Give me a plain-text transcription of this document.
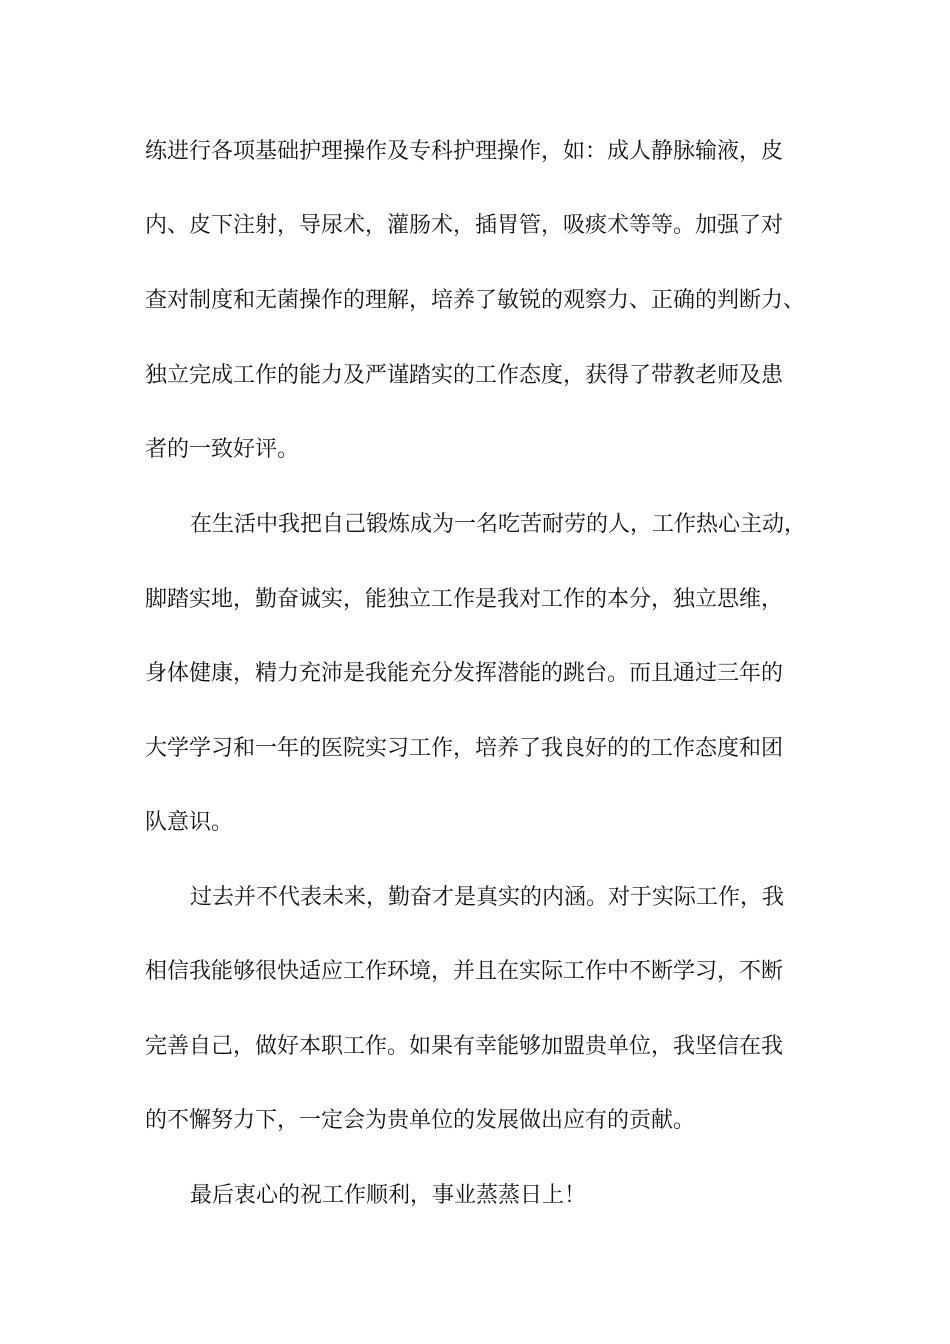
练进行各项基础护理操作及专科护理操作，如：成人静脉输液，皮
内、皮下注射，导尿术，灌肠术，插胃管，吸痰术等等。加强了对
查对制度和无菌操作的理解，培养了敏锐的观察力、正确的判断力、
独立完成工作的能力及严谨踏实的工作态度，获得了带教老师及患
者的一致好评。
在生活中我把自己锻炼成为一名吃苦耐劳的人，工作热心主动，
脚踏实地，勤奋诚实，能独立工作是我对工作的本分，独立思维，
身体健康，精力充沛是我能充分发挥潜能的跳台。而且通过三年的
大学学习和一年的医院实习工作，培养了我良好的的工作态度和团
队意识。
过去并不代表未来，勤奋才是真实的内涵。对于实际工作，我
相信我能够很快适应工作环境，并且在实际工作中不断学习，不断
完善自己，做好本职工作。如果有幸能够加盟贵单位，我坚信在我
的不懈努力下，一定会为贵单位的发展做出应有的贡献。
最后衷心的祝工作顺利，事业蒸蒸日上！
